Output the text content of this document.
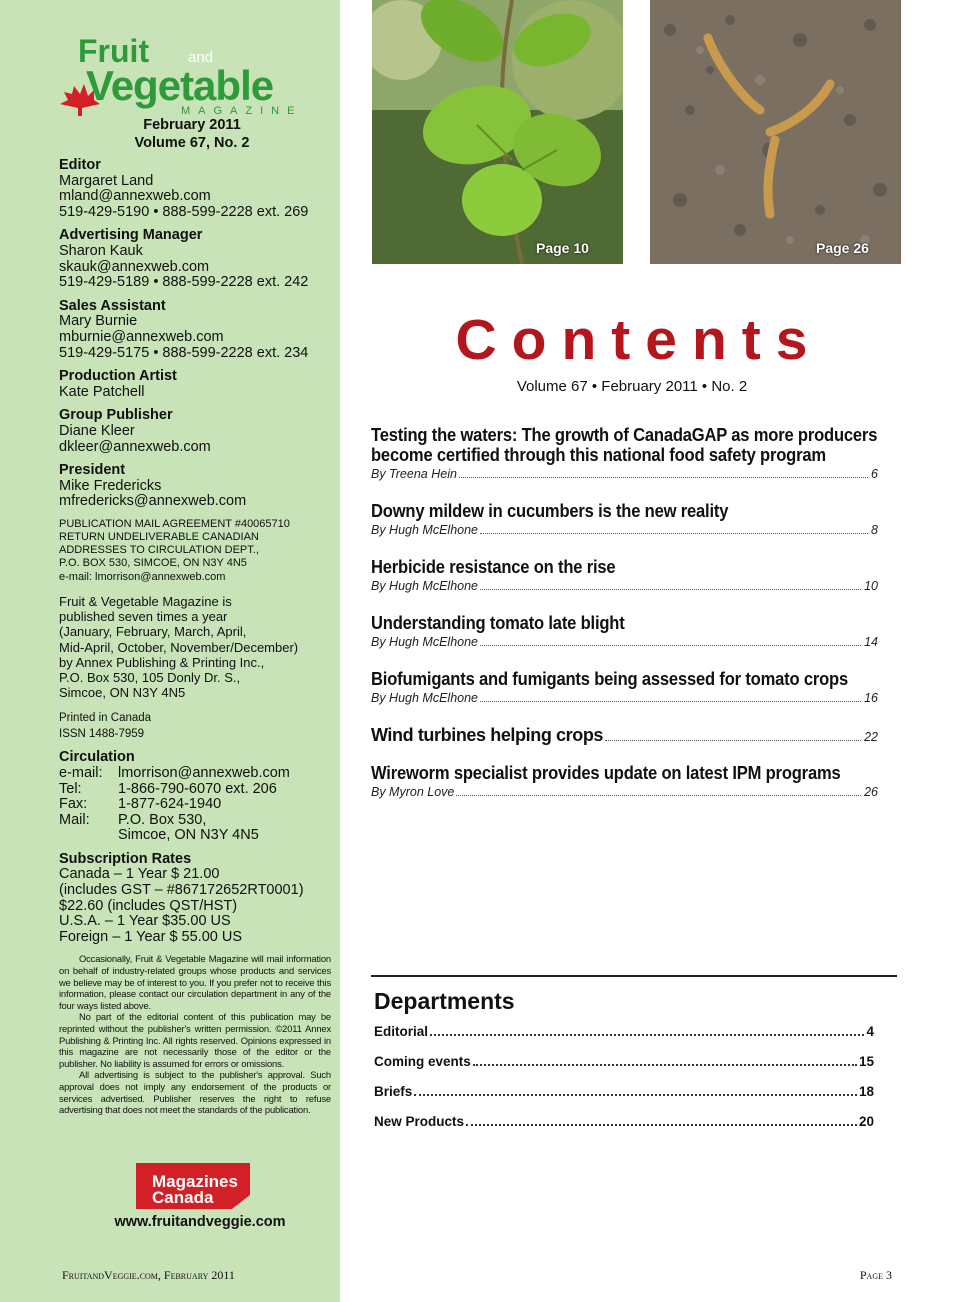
Fruit	and
Vegetable
MAGAZINE
February 2011
Volume 67, No. 2
Editor
Margaret Land
mland@annexweb.com
519-429-5190 • 888-599-2228 ext. 269
Advertising Manager
Sharon Kauk
skauk@annexweb.com
519-429-5189 • 888-599-2228 ext. 242
Sales Assistant
Mary Burnie
mburnie@annexweb.com
519-429-5175 • 888-599-2228 ext. 234
Production Artist
Kate Patchell
Group Publisher
Diane Kleer
dkleer@annexweb.com
President
Mike Fredericks
mfredericks@annexweb.com
PUBLICATION MAIL AGREEMENT #40065710
RETURN UNDELIVERABLE CANADIAN
ADDRESSES TO CIRCULATION DEPT.,
P.O. BOX 530, SIMCOE, ON N3Y 4N5
e-mail: lmorrison@annexweb.com
Fruit & Vegetable Magazine is
published seven times a year
(January, February, March, April,
Mid-April, October, November/December)
by Annex Publishing & Printing Inc.,
P.O. Box 530, 105 Donly Dr. S.,
Simcoe, ON N3Y 4N5
Printed in Canada
ISSN 1488-7959
Circulation
e-mail:	lmorrison@annexweb.com
Tel:	1-866-790-6070 ext. 206
Fax:	1-877-624-1940
Mail:	P.O. Box 530,
Simcoe, ON N3Y 4N5
Subscription Rates
Canada – 1 Year $ 21.00
(includes GST – #867172652RT0001)
$22.60 (includes QST/HST)
U.S.A. – 1 Year $35.00 US
Foreign – 1 Year $ 55.00 US

Occasionally, Fruit & Vegetable Magazine will mail information on behalf of industry-related groups whose products and services we believe may be of interest to you. If you prefer not to receive this information, please contact our circulation department in any of the four ways listed above.

No part of the editorial content of this publication may be reprinted without the publisher's written permission. ©2011 Annex Publishing & Printing Inc. All rights reserved. Opinions expressed in this magazine are not necessarily those of the editor or the publisher. No liability is assumed for errors or omissions.

All advertising is subject to the publisher's approval. Such approval does not imply any endorsement of the products or services advertised. Publisher reserves the right to refuse advertising that does not meet the standards of the publication.

Magazines
Canada
www.fruitandveggie.com
FruitandVeggie.com, February 2011
Page 10	Page 26
Contents
Volume 67 • February 2011 • No. 2
Testing the waters: The growth of CanadaGAP as more producers become certified through this national food safety program
By Treena Hein	6
Downy mildew in cucumbers is the new reality
By Hugh McElhone	8
Herbicide resistance on the rise
By Hugh McElhone	10
Understanding tomato late blight
By Hugh McElhone	14
Biofumigants and fumigants being assessed for tomato crops
By Hugh McElhone	16
Wind turbines helping crops	22
Wireworm specialist provides update on latest IPM programs
By Myron Love	26
Departments
Editorial	4
Coming events	15
Briefs	18
New Products	20
Page 3
